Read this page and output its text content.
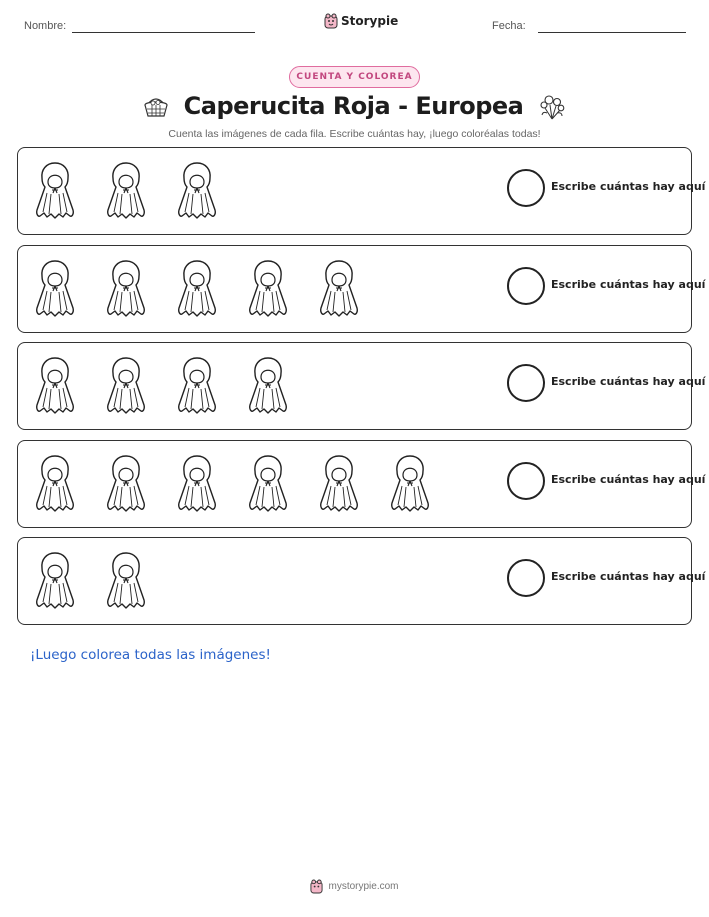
Nombre:	Storypie	Fecha:
CUENTA Y COLOREA
Caperucita Roja - Europea
Cuenta las imágenes de cada fila. Escribe cuántas hay, ¡luego coloréalas todas!
Escribe cuántas hay aquí
Escribe cuántas hay aquí
Escribe cuántas hay aquí
Escribe cuántas hay aquí
Escribe cuántas hay aquí
¡Luego colorea todas las imágenes!
mystorypie.com
